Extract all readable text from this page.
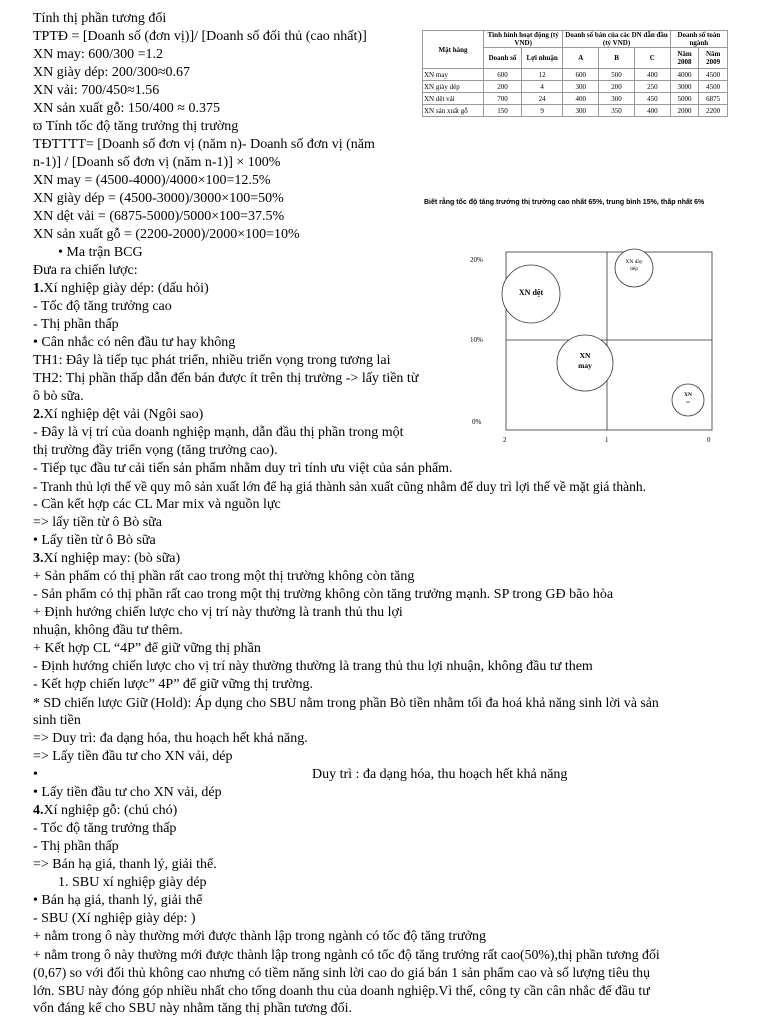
Tính thị phần tương đối
TPTĐ = [Doanh số (đơn vị)]/ [Doanh số đối thủ (cao nhất)]
XN may: 600/300 =1.2
XN giày dép: 200/300≈0.67
XN vải: 700/450≈1.56
XN sản xuất gỗ: 150/400 ≈ 0.375
ϖ Tính tốc độ tăng trưởng thị trường
TĐTTTT= [Doanh số đơn vị (năm n)- Doanh số đơn vị (năm
n-1)] / [Doanh số đơn vị (năm n-1)] × 100%
XN may = (4500-4000)/4000×100=12.5%
XN giày dép = (4500-3000)/3000×100=50%
XN dệt vải = (6875-5000)/5000×100=37.5%
XN sản xuất gỗ = (2200-2000)/2000×100=10%
• Ma trận BCG
Đưa ra chiến lược:
1.Xí nghiệp giày dép: (dấu hỏi)
- Tốc độ tăng trưởng cao
- Thị phần thấp
• Cân nhắc có nên đầu tư hay không
TH1: Đây là tiếp tục phát triển, nhiều triển vọng trong tương lai
TH2: Thị phần thấp dẫn đến bán được ít trên thị trường -> lấy tiền từ
ô bò sữa.
2.Xí nghiệp dệt vải (Ngôi sao)
- Đây là vị trí của doanh nghiệp mạnh, dẫn đầu thị phần trong một
thị trường đầy triển vọng (tăng trưởng cao).
- Tiếp tục đầu tư cải tiến sản phẩm nhằm duy trì tính ưu việt của sản phẩm.
- Tranh thủ lợi thế về quy mô sản xuất lớn để hạ giá thành sản xuất cũng nhằm để duy trì lợi thế về mặt giá thành.
- Cần kết hợp các CL Mar mix và nguồn lực
=> lấy tiền từ ô Bò sữa
• Lấy tiền từ ô Bò sữa
3.Xí nghiệp may: (bò sữa)
+ Sản phẩm có thị phần rất cao trong một thị trường không còn tăng
- Sản phẩm có thị phần rất cao trong một thị trường không còn tăng trưởng mạnh. SP trong GĐ bão hòa
+ Định hướng chiến lược cho vị trí này thường là tranh thủ thu lợi
nhuận, không đầu tư thêm.
+ Kết hợp CL “4P” để giữ vững thị phần
- Định hướng chiến lược cho vị trí này thường thường là trang thủ thu lợi nhuận, không đầu tư them
- Kết hợp chiến lược” 4P” để giữ vững thị trường.
* SD chiến lược Giữ (Hold): Áp dụng cho SBU nằm trong phần Bò tiền nhằm tối đa hoá khả năng sinh lời và sản
sinh tiền
=> Duy trì: đa dạng hóa, thu hoạch hết khả năng.
=> Lấy tiền đầu tư cho XN vải, dép
•	Duy trì : đa dạng hóa, thu hoạch hết khả năng
• Lấy tiền đầu tư cho XN vải, dép
4.Xí nghiệp gỗ: (chú chó)
- Tốc độ tăng trưởng thấp
- Thị phần thấp
=> Bán hạ giá, thanh lý, giải thể.
1. SBU xí nghiệp giày dép
• Bán hạ giá, thanh lý, giải thể
- SBU (Xí nghiệp giày dép: )
+ nằm trong ô này thường mới được thành lập trong ngành có tốc độ tăng trưởng
+ nằm trong ô này thường mới được thành lập trong ngành có tốc độ tăng trưởng rất cao(50%),thị phần tương đối
(0,67) so với đối thủ không cao nhưng có tiềm năng sinh lời cao do giá bán 1 sản phẩm cao và số lượng tiêu thụ
lớn. SBU này đóng góp nhiều nhất cho tổng doanh thu của doanh nghiệp.Vì thế, công ty cần cân nhắc để đầu tư
vốn đáng kể cho SBU này nhằm tăng thị phần tương đối.
Mặt hàng	Tình hình hoạt động (tỷ VND)		Doanh số bán của các DN dẫn đầu (tỷ VND)			Doanh số toàn ngành	
	Doanh số	Lợi nhuận	A	B	C	Năm 2008	Năm 2009
XN may	600	12	600	500	400	4000	4500
XN giày dép	200	4	300	200	250	3000	4500
XN dệt vải	700	24	400	300	450	5000	6875
XN sản xuất gỗ	150	9	300	350	400	2000	2200
Biết rằng tốc độ tăng trưởng thị trường cao nhất 65%, trung bình 15%, thấp nhất 6%
20%
10%
0%
2	1	0
XN dày
dép
XN dệt
XN
may
XN
ss
